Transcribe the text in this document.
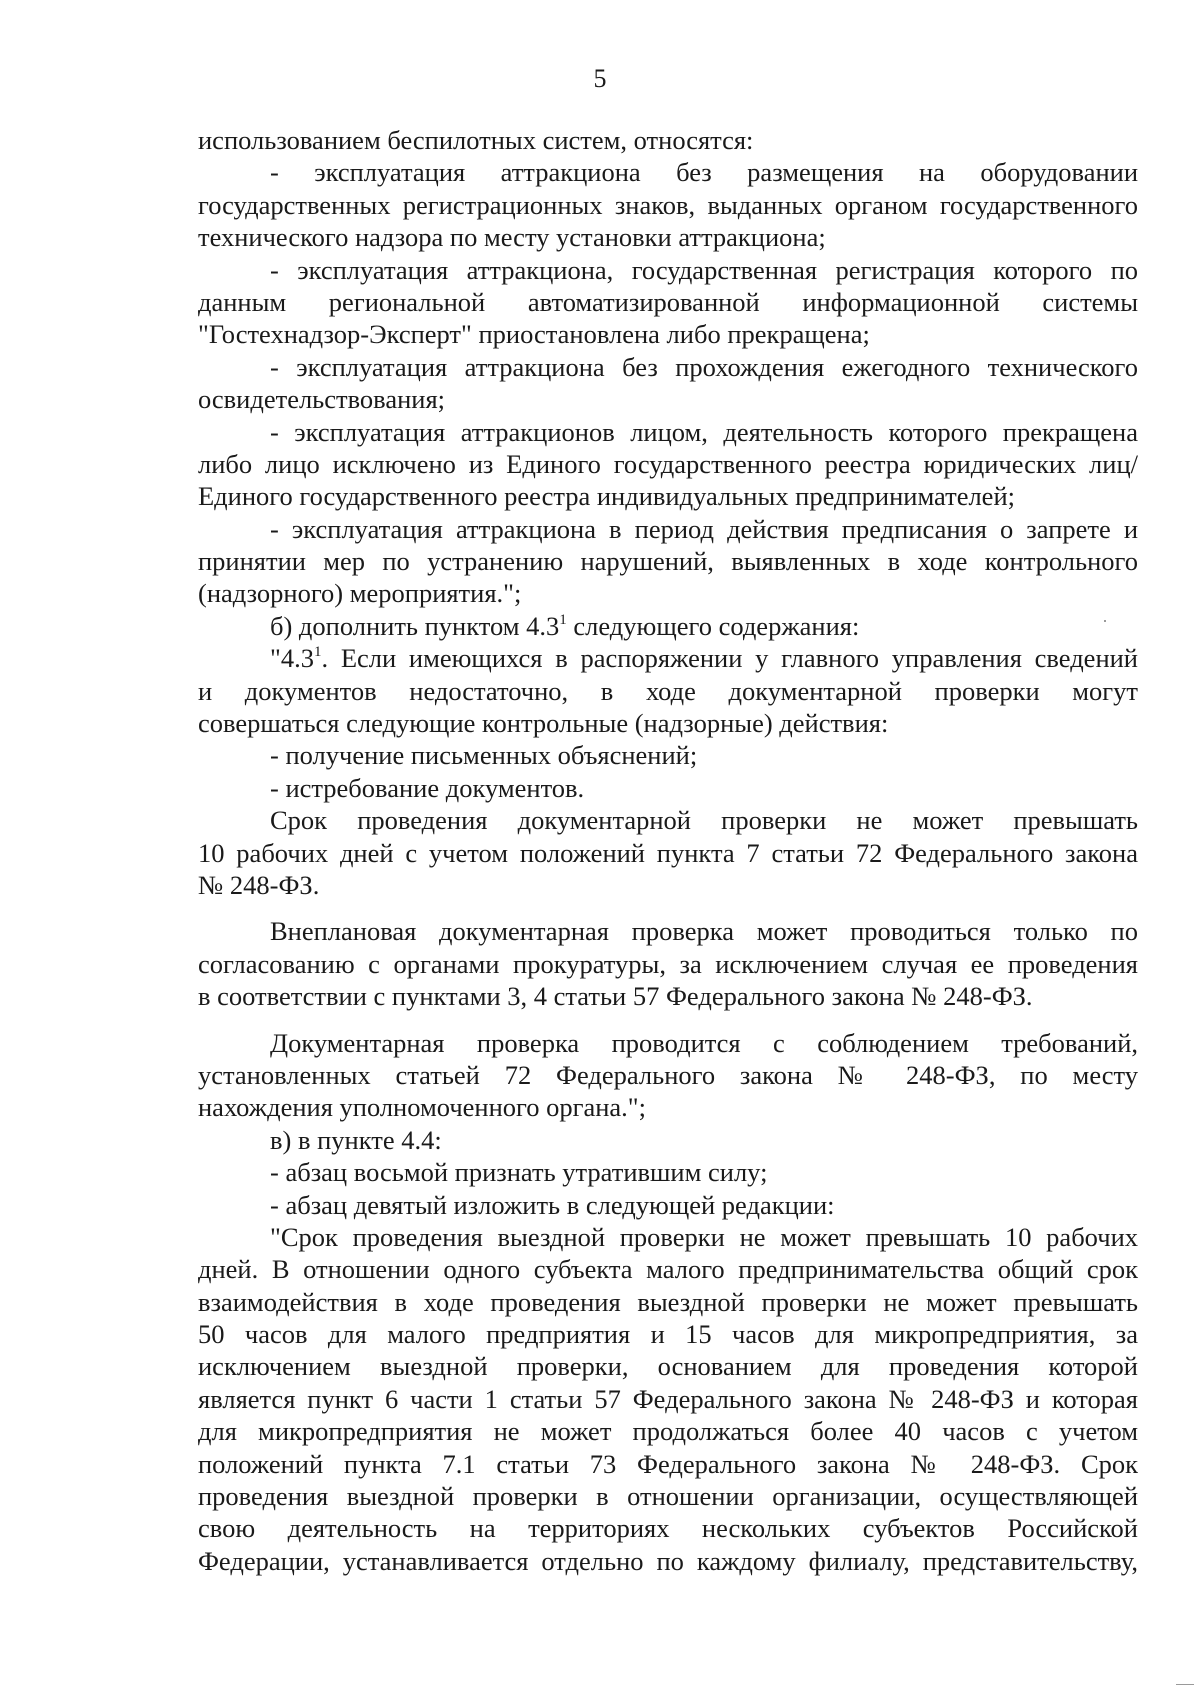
5
использованием беспилотных систем, относятся:
- эксплуатация аттракциона без размещения на оборудовании
государственных регистрационных знаков, выданных органом государственного
технического надзора по месту установки аттракциона;
- эксплуатация аттракциона, государственная регистрация которого по
данным региональной автоматизированной информационной системы
"Гостехнадзор-Эксперт" приостановлена либо прекращена;
- эксплуатация аттракциона без прохождения ежегодного технического
освидетельствования;
- эксплуатация аттракционов лицом, деятельность которого прекращена
либо лицо исключено из Единого государственного реестра юридических лиц/
Единого государственного реестра индивидуальных предпринимателей;
- эксплуатация аттракциона в период действия предписания о запрете и
принятии мер по устранению нарушений, выявленных в ходе контрольного
(надзорного) мероприятия.";
б) дополнить пунктом $4.3^1$ следующего содержания:
"$4.3^1$. Если имеющихся в распоряжении у главного управления сведений
и документов недостаточно, в ходе документарной проверки могут
совершаться следующие контрольные (надзорные) действия:
- получение письменных объяснений;
- истребование документов.
Срок проведения документарной проверки не может превышать
10 рабочих дней с учетом положений пункта 7 статьи 72 Федерального закона
№ 248-ФЗ.
Внеплановая документарная проверка может проводиться только по
согласованию с органами прокуратуры, за исключением случая ее проведения
в соответствии с пунктами 3, 4 статьи 57 Федерального закона № 248-ФЗ.
Документарная проверка проводится с соблюдением требований,
установленных статьей 72 Федерального закона № 248-ФЗ, по месту
нахождения уполномоченного органа.";
в) в пункте 4.4:
- абзац восьмой признать утратившим силу;
- абзац девятый изложить в следующей редакции:
"Срок проведения выездной проверки не может превышать 10 рабочих
дней. В отношении одного субъекта малого предпринимательства общий срок
взаимодействия в ходе проведения выездной проверки не может превышать
50 часов для малого предприятия и 15 часов для микропредприятия, за
исключением выездной проверки, основанием для проведения которой
является пункт 6 части 1 статьи 57 Федерального закона № 248-ФЗ и которая
для микропредприятия не может продолжаться более 40 часов с учетом
положений пункта 7.1 статьи 73 Федерального закона № 248-ФЗ. Срок
проведения выездной проверки в отношении организации, осуществляющей
свою деятельность на территориях нескольких субъектов Российской
Федерации, устанавливается отдельно по каждому филиалу, представительству,
